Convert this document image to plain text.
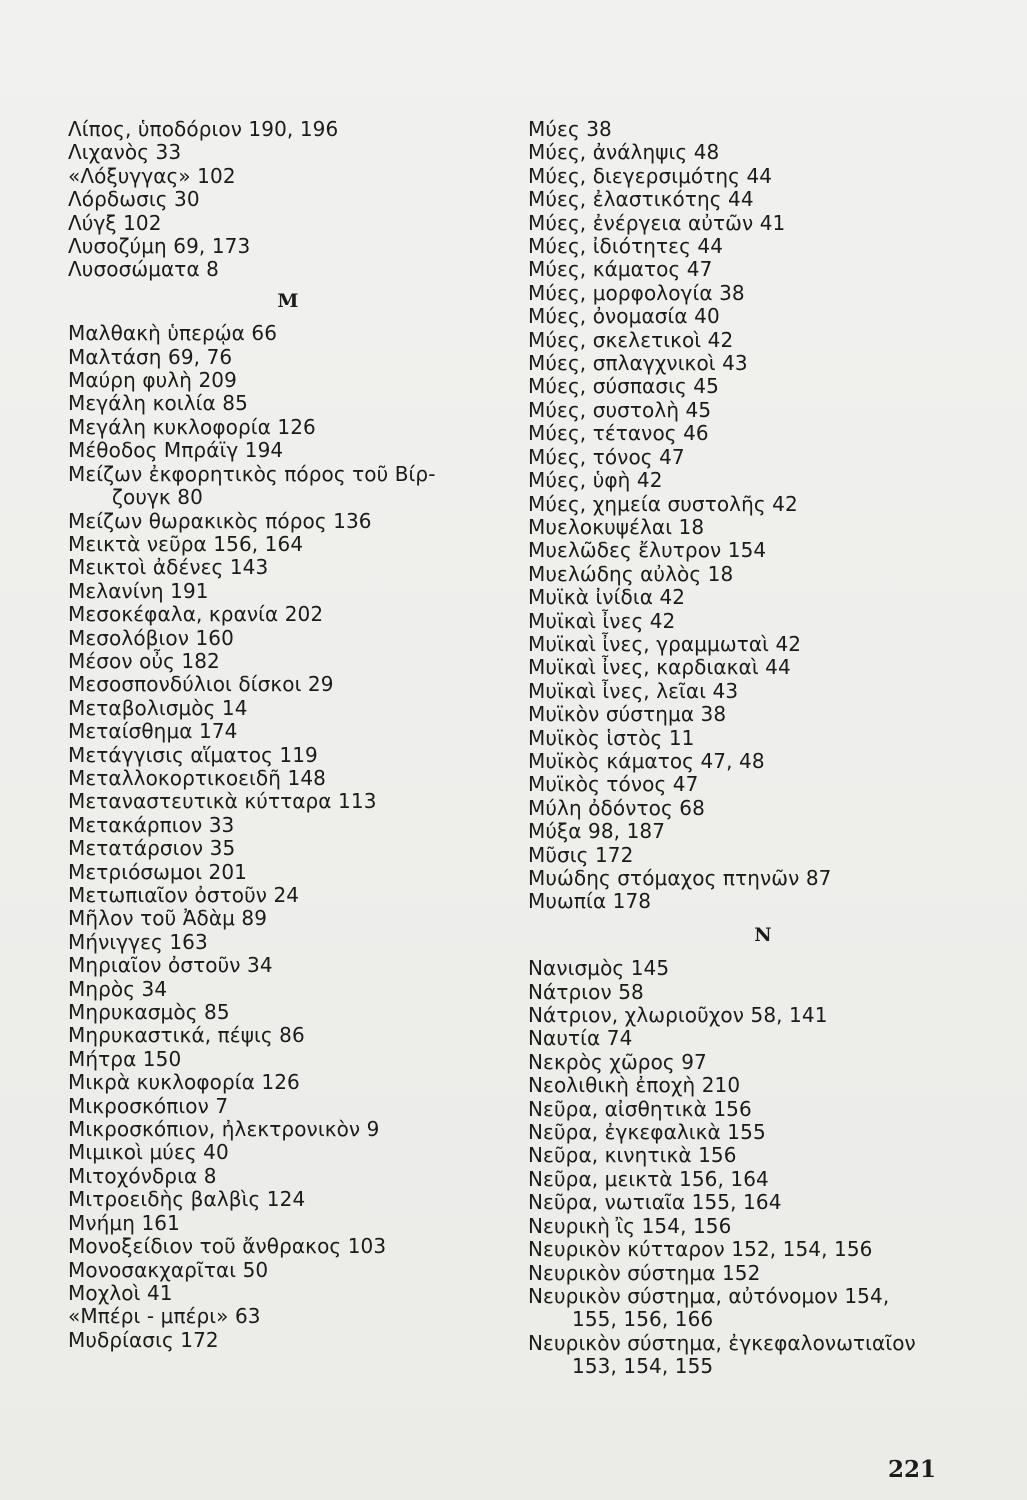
Λίπος, ὑποδόριον 190, 196
Λιχανὸς 33
«Λόξυγγας» 102
Λόρδωσις 30
Λύγξ 102
Λυσοζύμη 69, 173
Λυσοσώματα 8
Μ
Μαλθακὴ ὑπερῴα 66
Μαλτάση 69, 76
Μαύρη φυλὴ 209
Μεγάλη κοιλία 85
Μεγάλη κυκλοφορία 126
Μέθοδος Μπράϊγ 194
Μείζων ἐκφορητικὸς πόρος τοῦ Βίρ-
ζουγκ 80
Μείζων θωρακικὸς πόρος 136
Μεικτὰ νεῦρα 156, 164
Μεικτοὶ ἀδένες 143
Μελανίνη 191
Μεσοκέφαλα, κρανία 202
Μεσολόβιον 160
Μέσον οὖς 182
Μεσοσπονδύλιοι δίσκοι 29
Μεταβολισμὸς 14
Μεταίσθημα 174
Μετάγγισις αἵματος 119
Μεταλλοκορτικοειδῆ 148
Μεταναστευτικὰ κύτταρα 113
Μετακάρπιον 33
Μετατάρσιον 35
Μετριόσωμοι 201
Μετωπιαῖον ὀστοῦν 24
Μῆλον τοῦ Ἀδὰμ 89
Μήνιγγες 163
Μηριαῖον ὀστοῦν 34
Μηρὸς 34
Μηρυκασμὸς 85
Μηρυκαστικά, πέψις 86
Μήτρα 150
Μικρὰ κυκλοφορία 126
Μικροσκόπιον 7
Μικροσκόπιον, ἠλεκτρονικὸν 9
Μιμικοὶ μύες 40
Μιτοχόνδρια 8
Μιτροειδὴς βαλβὶς 124
Μνήμη 161
Μονοξείδιον τοῦ ἄνθρακος 103
Μονοσακχαρῖται 50
Μοχλοὶ 41
«Μπέρι - μπέρι» 63
Μυδρίασις 172
Μύες 38
Μύες, ἀνάληψις 48
Μύες, διεγερσιμότης 44
Μύες, ἐλαστικότης 44
Μύες, ἐνέργεια αὐτῶν 41
Μύες, ἰδιότητες 44
Μύες, κάματος 47
Μύες, μορφολογία 38
Μύες, ὀνομασία 40
Μύες, σκελετικοὶ 42
Μύες, σπλαγχνικοὶ 43
Μύες, σύσπασις 45
Μύες, συστολὴ 45
Μύες, τέτανος 46
Μύες, τόνος 47
Μύες, ὑφὴ 42
Μύες, χημεία συστολῆς 42
Μυελοκυψέλαι 18
Μυελῶδες ἔλυτρον 154
Μυελώδης αὐλὸς 18
Μυϊκὰ ἰνίδια 42
Μυϊκαὶ ἶνες 42
Μυϊκαὶ ἶνες, γραμμωταὶ 42
Μυϊκαὶ ἶνες, καρδιακαὶ 44
Μυϊκαὶ ἶνες, λεῖαι 43
Μυϊκὸν σύστημα 38
Μυϊκὸς ἱστὸς 11
Μυϊκὸς κάματος 47, 48
Μυϊκὸς τόνος 47
Μύλη ὀδόντος 68
Μύξα 98, 187
Μῦσις 172
Μυώδης στόμαχος πτηνῶν 87
Μυωπία 178
Ν
Νανισμὸς 145
Νάτριον 58
Νάτριον, χλωριοῦχον 58, 141
Ναυτία 74
Νεκρὸς χῶρος 97
Νεολιθικὴ ἐποχὴ 210
Νεῦρα, αἰσθητικὰ 156
Νεῦρα, ἐγκεφαλικὰ 155
Νεῦρα, κινητικὰ 156
Νεῦρα, μεικτὰ 156, 164
Νεῦρα, νωτιαῖα 155, 164
Νευρικὴ ἲς 154, 156
Νευρικὸν κύτταρον 152, 154, 156
Νευρικὸν σύστημα 152
Νευρικὸν σύστημα, αὐτόνομον 154,
155, 156, 166
Νευρικὸν σύστημα, ἐγκεφαλονωτιαῖον
153, 154, 155
221
